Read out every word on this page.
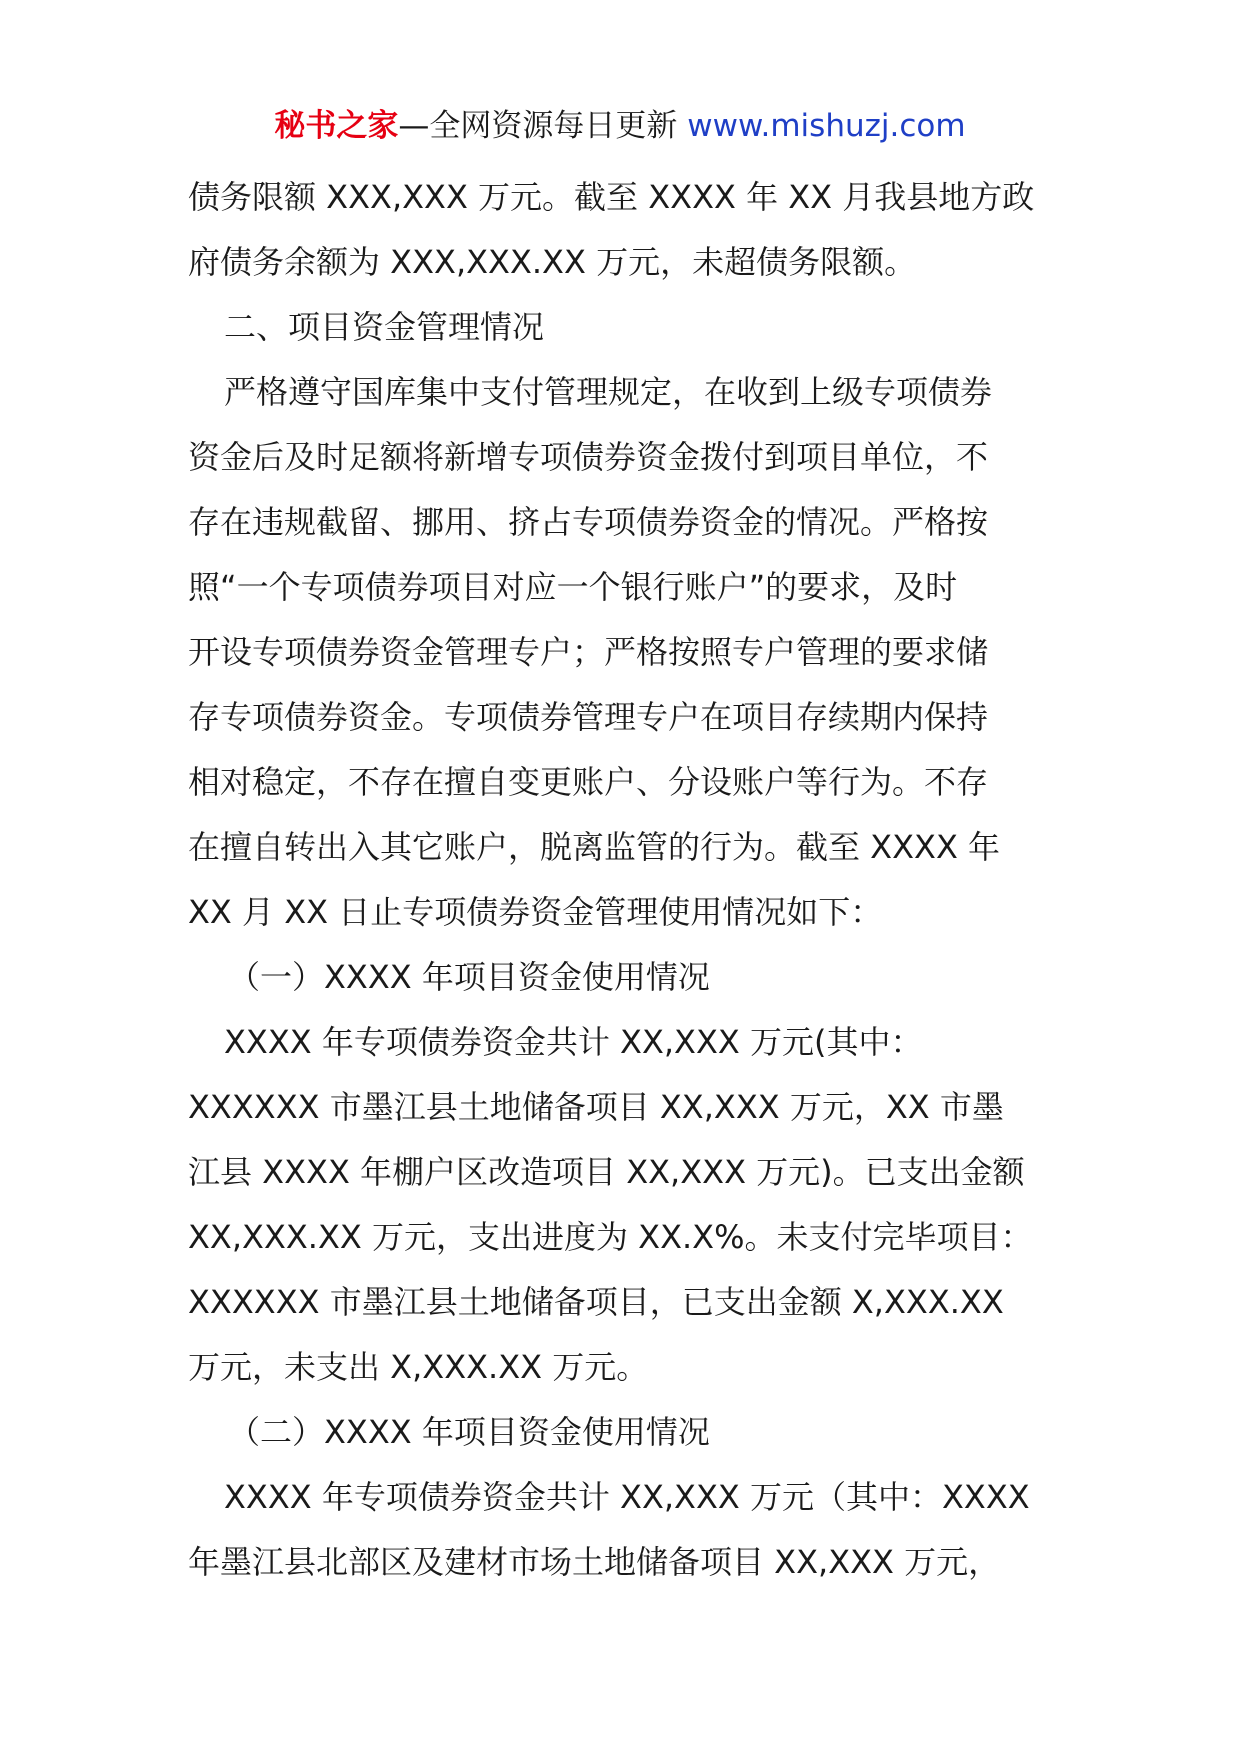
秘书之家—全网资源每日更新 www.mishuzj.com
债务限额 XXX,XXX 万元。截至 XXXX 年 XX 月我县地方政
府债务余额为 XXX,XXX.XX 万元，未超债务限额。
二、项目资金管理情况
严格遵守国库集中支付管理规定，在收到上级专项债券
资金后及时足额将新增专项债券资金拨付到项目单位，不
存在违规截留、挪用、挤占专项债券资金的情况。严格按
照“一个专项债券项目对应一个银行账户”的要求，及时
开设专项债券资金管理专户；严格按照专户管理的要求储
存专项债券资金。专项债券管理专户在项目存续期内保持
相对稳定，不存在擅自变更账户、分设账户等行为。不存
在擅自转出入其它账户，脱离监管的行为。截至 XXXX 年
XX 月 XX 日止专项债券资金管理使用情况如下：
（一）XXXX 年项目资金使用情况
XXXX 年专项债券资金共计 XX,XXX 万元(其中：
XXXXXX 市墨江县土地储备项目 XX,XXX 万元，XX 市墨
江县 XXXX 年棚户区改造项目 XX,XXX 万元)。已支出金额
XX,XXX.XX 万元，支出进度为 XX.X%。未支付完毕项目：
XXXXXX 市墨江县土地储备项目，已支出金额 X,XXX.XX
万元，未支出 X,XXX.XX 万元。
（二）XXXX 年项目资金使用情况
XXXX 年专项债券资金共计 XX,XXX 万元（其中：XXXX
年墨江县北部区及建材市场土地储备项目 XX,XXX 万元，
